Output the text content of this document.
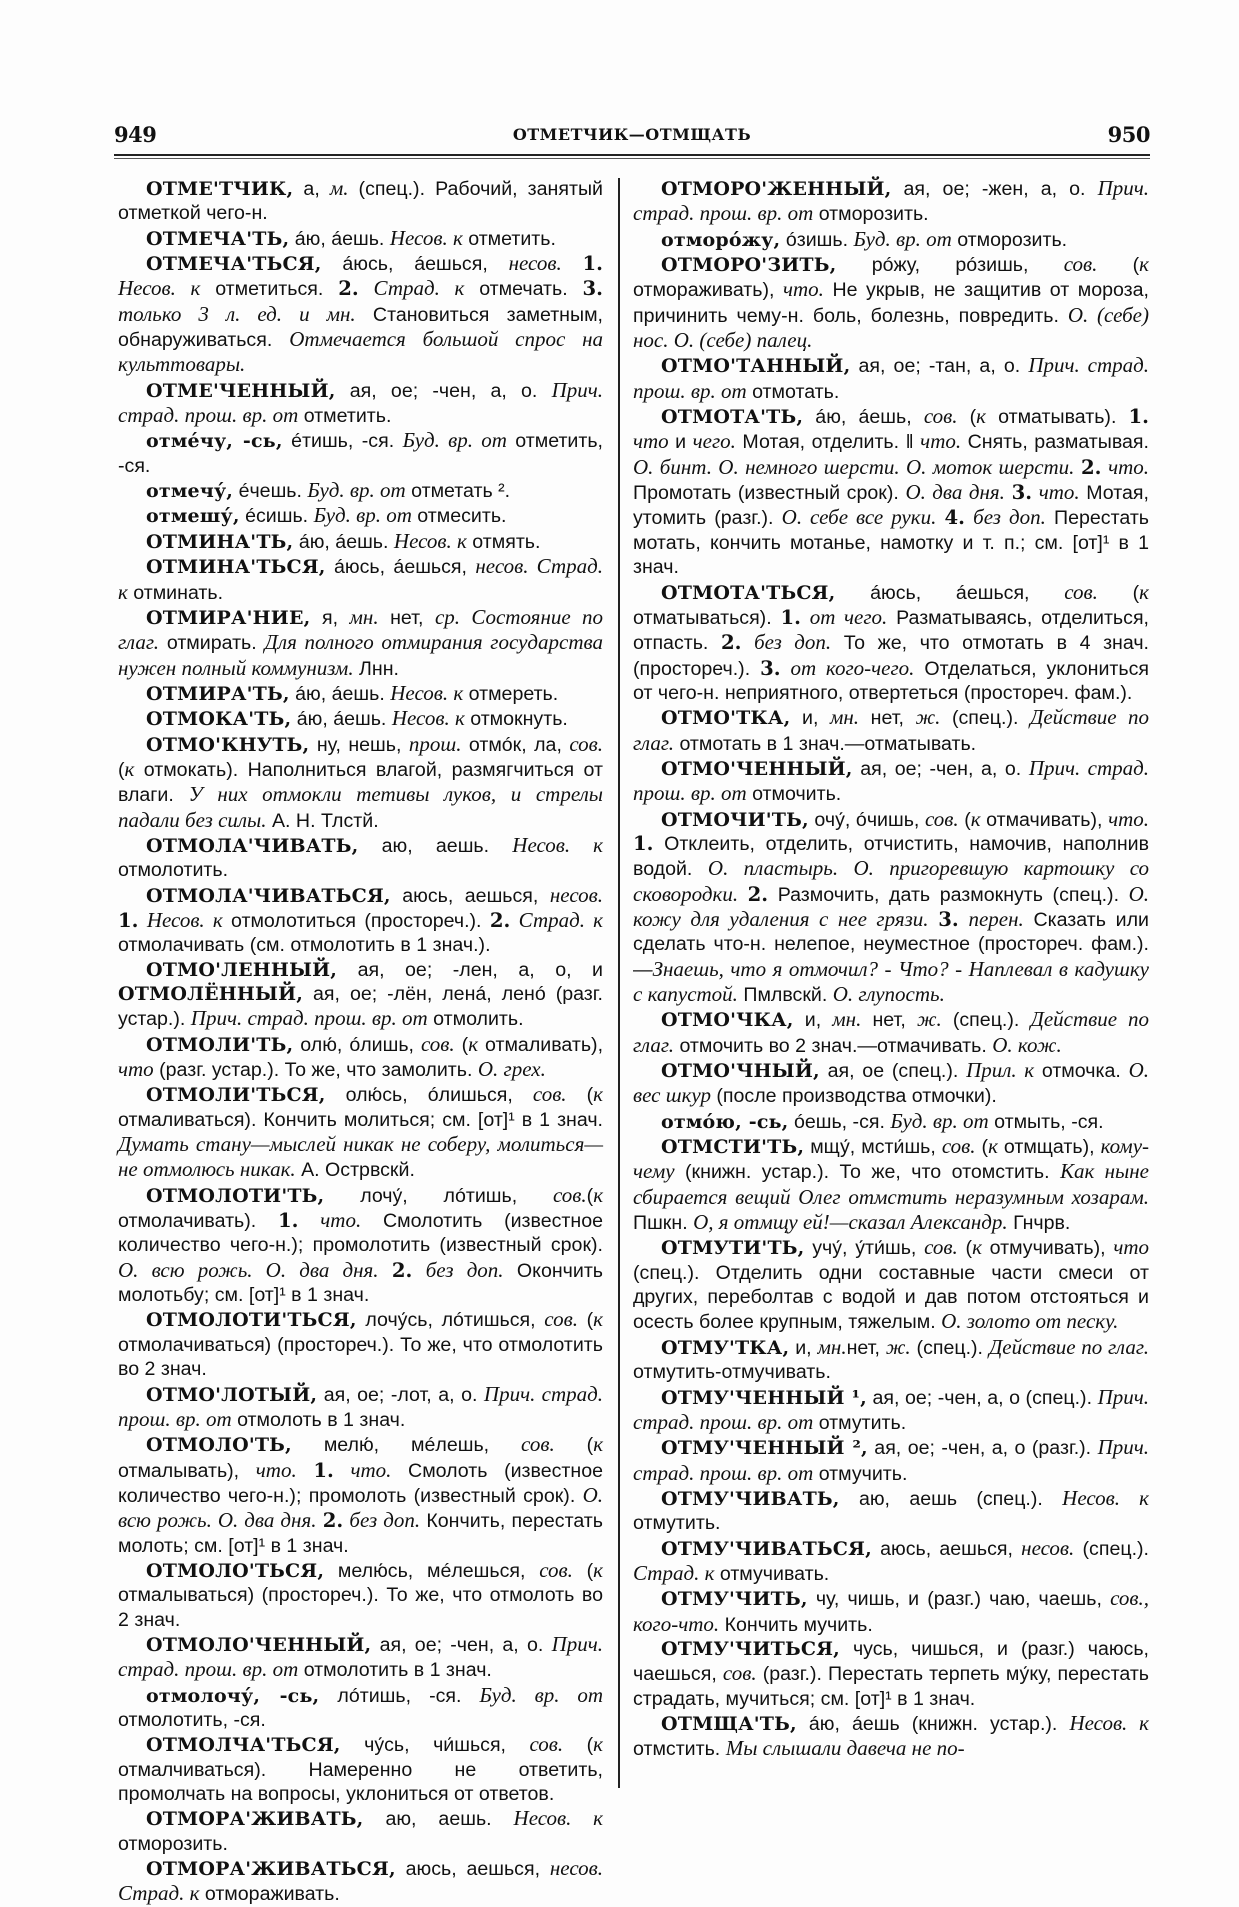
949	ОТМЕТЧИК—ОТМЩАТЬ	950

ОТМЕ'ТЧИК, а, м. (спец.). Рабочий, занятый отметкой чего-н.

ОТМЕЧА'ТЬ, áю, áешь. Несов. к отметить.

ОТМЕЧА'ТЬСЯ, áюсь, áешься, несов. 1. Несов. к отметиться. 2. Страд. к отмечать. 3. только 3 л. ед. и мн. Становиться заметным, обнаруживаться. Отмечается большой спрос на культтовары.

ОТМЕ'ЧЕННЫЙ, ая, ое; -чен, а, о. Прич. страд. прош. вр. от отметить.

отмéчу, -сь, éтишь, -ся. Буд. вр. от отметить, -ся.

отмечу́, éчешь. Буд. вр. от отметать ².

отмешу́, éсишь. Буд. вр. от отмесить.

ОТМИНА'ТЬ, áю, áешь. Несов. к отмять.

ОТМИНА'ТЬСЯ, áюсь, áешься, несов. Страд. к отминать.

ОТМИРА'НИЕ, я, мн. нет, ср. Состояние по глаг. отмирать. Для полного отмирания государства нужен полный коммунизм. Лнн.

ОТМИРА'ТЬ, áю, áешь. Несов. к отмереть.

ОТМОКА'ТЬ, áю, áешь. Несов. к отмокнуть.

ОТМО'КНУТЬ, ну, нешь, прош. отмóк, ла, сов. (к отмокать). Наполниться влагой, размягчиться от влаги. У них отмокли тетивы луков, и стрелы падали без силы. А. Н. Тлстй.

ОТМОЛА'ЧИВАТЬ, аю, аешь. Несов. к отмолотить.

ОТМОЛА'ЧИВАТЬСЯ, аюсь, аешься, несов. 1. Несов. к отмолотиться (простореч.). 2. Страд. к отмолачивать (см. отмолотить в 1 знач.).

ОТМО'ЛЕННЫЙ, ая, ое; -лен, а, о, и ОТМОЛЁННЫЙ, ая, ое; -лён, ленá, ленó (разг. устар.). Прич. страд. прош. вр. от отмолить.

ОТМОЛИ'ТЬ, олю́, óлишь, сов. (к отмаливать), что (разг. устар.). То же, что замолить. О. грех.

ОТМОЛИ'ТЬСЯ, олю́сь, óлишься, сов. (к отмаливаться). Кончить молиться; см. [от]¹ в 1 знач. Думать стану—мыслей никак не соберу, молиться—не отмолюсь никак. А. Острвскй.

ОТМОЛОТИ'ТЬ, лочу́, лóтишь, сов.(к отмолачивать). 1. что. Смолотить (известное количество чего-н.); промолотить (известный срок). О. всю рожь. О. два дня. 2. без доп. Окончить молотьбу; см. [от]¹ в 1 знач.

ОТМОЛОТИ'ТЬСЯ, лочу́сь, лóтишься, сов. (к отмолачиваться) (простореч.). То же, что отмолотить во 2 знач.

ОТМО'ЛОТЫЙ, ая, ое; -лот, а, о. Прич. страд. прош. вр. от отмолоть в 1 знач.

ОТМОЛО'ТЬ, мелю́, мéлешь, сов. (к отмалывать), что. 1. что. Смолоть (известное количество чего-н.); промолоть (известный срок). О. всю рожь. О. два дня. 2. без доп. Кончить, перестать молоть; см. [от]¹ в 1 знач.

ОТМОЛО'ТЬСЯ, мелю́сь, мéлешься, сов. (к отмалываться) (простореч.). То же, что отмолоть во 2 знач.

ОТМОЛО'ЧЕННЫЙ, ая, ое; -чен, а, о. Прич. страд. прош. вр. от отмолотить в 1 знач.

отмолочу́, -сь, лóтишь, -ся. Буд. вр. от отмолотить, -ся.

ОТМОЛЧА'ТЬСЯ, чу́сь, чи́шься, сов. (к отмалчиваться). Намеренно не ответить, промолчать на вопросы, уклониться от ответов.

ОТМОРА'ЖИВАТЬ, аю, аешь. Несов. к отморозить.

ОТМОРА'ЖИВАТЬСЯ, аюсь, аешься, несов. Страд. к отмораживать.

ОТМОРО'ЖЕННЫЙ, ая, ое; -жен, а, о. Прич. страд. прош. вр. от отморозить.

отморóжу, óзишь. Буд. вр. от отморозить.

ОТМОРО'ЗИТЬ, рóжу, рóзишь, сов. (к отмораживать), что. Не укрыв, не защитив от мороза, причинить чему-н. боль, болезнь, повредить. О. (себе) нос. О. (себе) палец.

ОТМО'ТАННЫЙ, ая, ое; -тан, а, о. Прич. страд. прош. вр. от отмотать.

ОТМОТА'ТЬ, áю, áешь, сов. (к отматывать). 1. что и чего. Мотая, отделить. ‖ что. Снять, разматывая. О. бинт. О. немного шерсти. О. моток шерсти. 2. что. Промотать (известный срок). О. два дня. 3. что. Мотая, утомить (разг.). О. себе все руки. 4. без доп. Перестать мотать, кончить мотанье, намотку и т. п.; см. [от]¹ в 1 знач.

ОТМОТА'ТЬСЯ, áюсь, áешься, сов. (к отматываться). 1. от чего. Разматываясь, отделиться, отпасть. 2. без доп. То же, что отмотать в 4 знач. (простореч.). 3. от кого-чего. Отделаться, уклониться от чего-н. неприятного, отвертеться (простореч. фам.).

ОТМО'ТКА, и, мн. нет, ж. (спец.). Действие по глаг. отмотать в 1 знач.—отматывать.

ОТМО'ЧЕННЫЙ, ая, ое; -чен, а, о. Прич. страд. прош. вр. от отмочить.

ОТМОЧИ'ТЬ, очу́, óчишь, сов. (к отмачивать), что. 1. Отклеить, отделить, отчистить, намочив, наполнив водой. О. пластырь. О. пригоревшую картошку со сковородки. 2. Размочить, дать размокнуть (спец.). О. кожу для удаления с нее грязи. 3. перен. Сказать или сделать что-н. нелепое, неуместное (простореч. фам.).—Знаешь, что я отмочил? - Что? - Наплевал в кадушку с капустой. Пмлвскй. О. глупость.

ОТМО'ЧКА, и, мн. нет, ж. (спец.). Действие по глаг. отмочить во 2 знач.—отмачивать. О. кож.

ОТМО'ЧНЫЙ, ая, ое (спец.). Прил. к отмочка. О. вес шкур (после производства отмочки).

отмóю, -сь, óешь, -ся. Буд. вр. от отмыть, -ся.

ОТМСТИ'ТЬ, мщу́, мсти́шь, сов. (к отмщать), кому-чему (книжн. устар.). То же, что отомстить. Как ныне сбирается вещий Олег отмстить неразумным хозарам. Пшкн. О, я отмщу ей!—сказал Александр. Гнчрв.

ОТМУТИ'ТЬ, учу́, у́ти́шь, сов. (к отмучивать), что (спец.). Отделить одни составные части смеси от других, переболтав с водой и дав потом отстояться и осесть более крупным, тяжелым. О. золото от песку.

ОТМУ'ТКА, и, мн.нет, ж. (спец.). Действие по глаг. отмутить-отмучивать.

ОТМУ'ЧЕННЫЙ ¹, ая, ое; -чен, а, о (спец.). Прич. страд. прош. вр. от отмутить.

ОТМУ'ЧЕННЫЙ ², ая, ое; -чен, а, о (разг.). Прич. страд. прош. вр. от отмучить.

ОТМУ'ЧИВАТЬ, аю, аешь (спец.). Несов. к отмутить.

ОТМУ'ЧИВАТЬСЯ, аюсь, аешься, несов. (спец.). Страд. к отмучивать.

ОТМУ'ЧИТЬ, чу, чишь, и (разг.) чаю, чаешь, сов., кого-что. Кончить мучить.

ОТМУ'ЧИТЬСЯ, чусь, чишься, и (разг.) чаюсь, чаешься, сов. (разг.). Перестать терпеть му́ку, перестать страдать, мучиться; см. [от]¹ в 1 знач.

ОТМЩА'ТЬ, áю, áешь (книжн. устар.). Несов. к отмстить. Мы слышали давеча не по-
